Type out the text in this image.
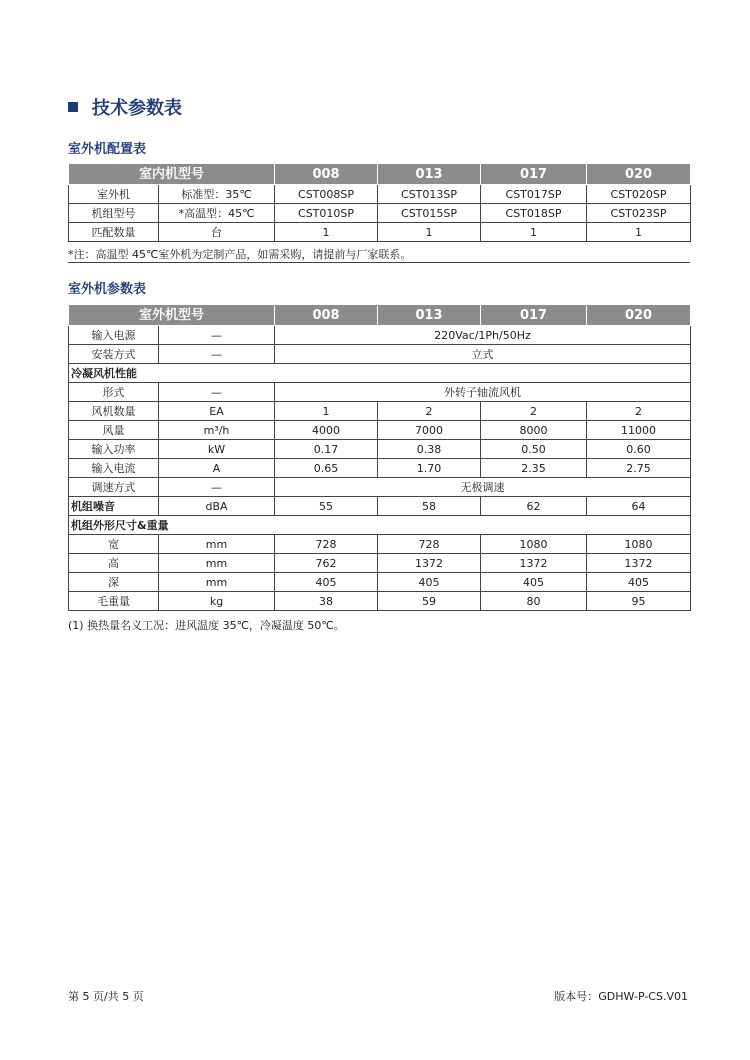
技术参数表
室外机配置表
室内机型号		008	013	017	020
室外机	标准型：35℃	CST008SP	CST013SP	CST017SP	CST020SP
机组型号	*高温型：45℃	CST010SP	CST015SP	CST018SP	CST023SP
匹配数量	台	1	1	1	1
*注：高温型 45℃室外机为定制产品，如需采购，请提前与厂家联系。
室外机参数表
室外机型号		008	013	017	020
输入电源	—	220Vac/1Ph/50Hz			
安装方式	—	立式			
冷凝风机性能					
形式	—	外转子轴流风机			
风机数量	EA	1	2	2	2
风量	m³/h	4000	7000	8000	11000
输入功率	kW	0.17	0.38	0.50	0.60
输入电流	A	0.65	1.70	2.35	2.75
调速方式	—	无极调速			
机组噪音	dBA	55	58	62	64
机组外形尺寸&重量					
宽	mm	728	728	1080	1080
高	mm	762	1372	1372	1372
深	mm	405	405	405	405
毛重量	kg	38	59	80	95
(1) 换热量名义工况：进风温度 35℃，冷凝温度 50℃。
第 5 页/共 5 页	版本号：GDHW-P-CS.V01
